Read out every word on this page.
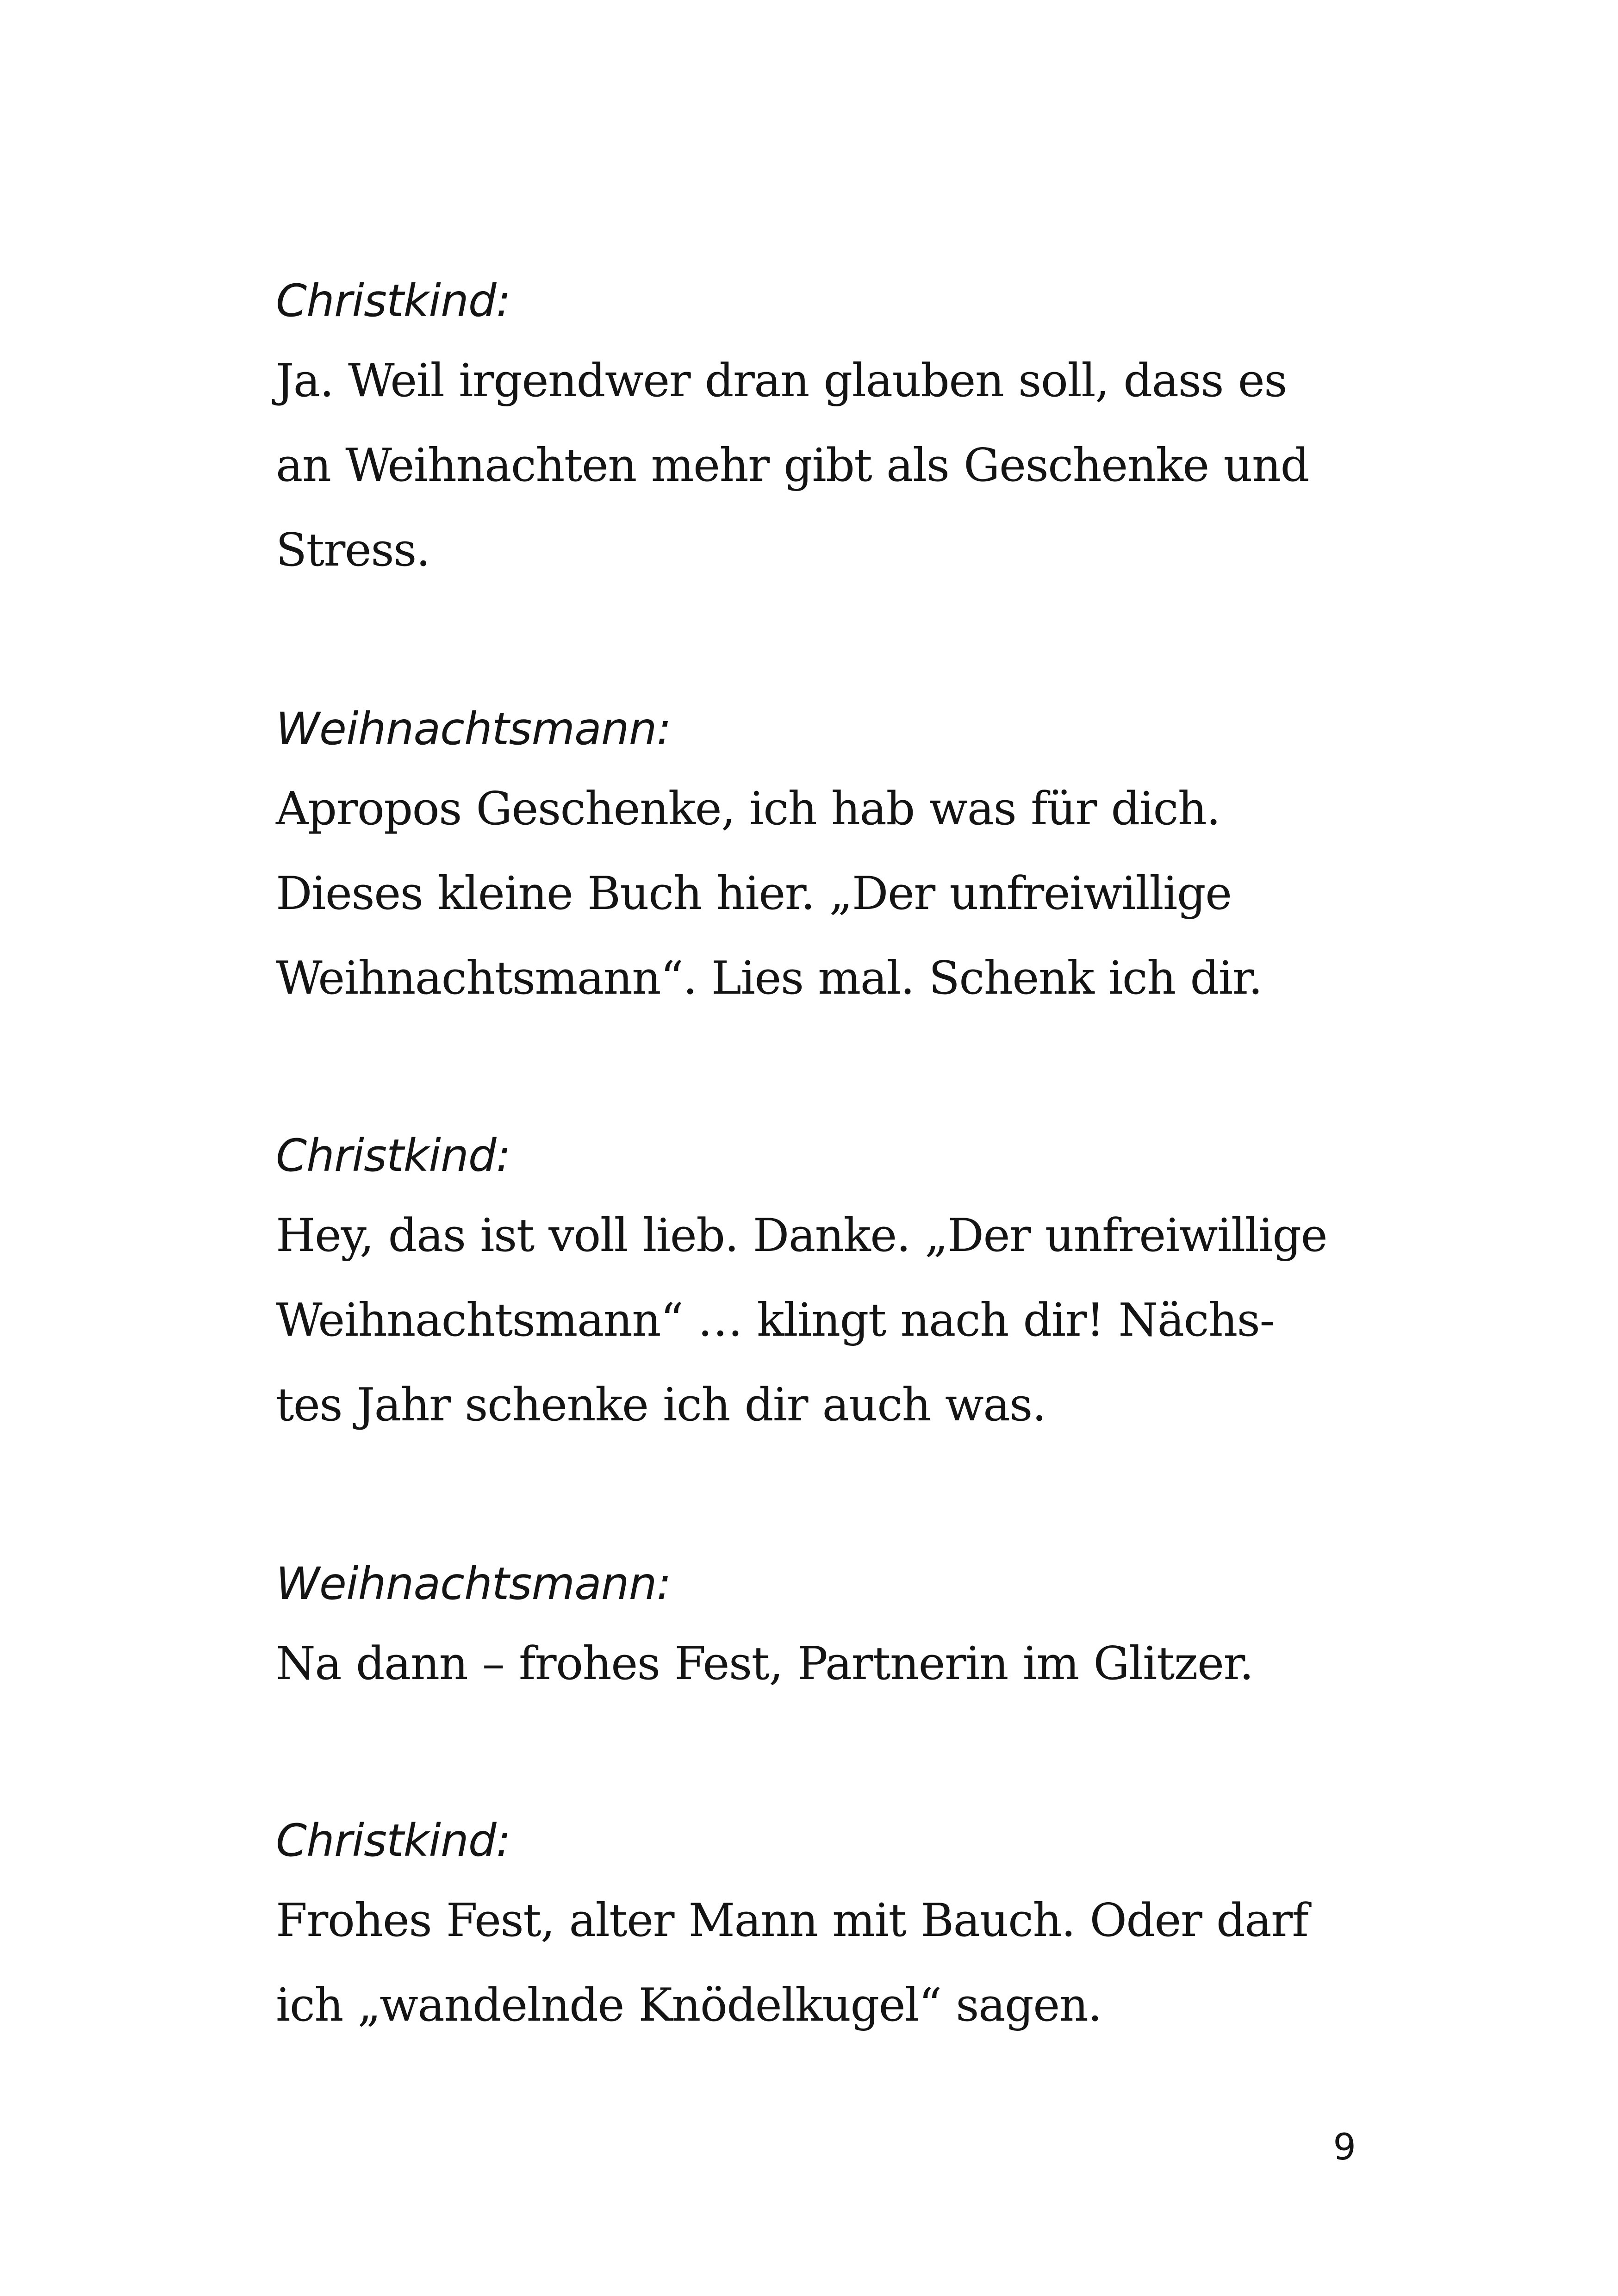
Christkind:

Ja. Weil irgendwer dran glauben soll, dass es

an Weihnachten mehr gibt als Geschenke und

Stress.

Weihnachtsmann:

Apropos Geschenke, ich hab was für dich.

Dieses kleine Buch hier. „Der unfreiwillige

Weihnachtsmann“. Lies mal. Schenk ich dir.

Christkind:

Hey, das ist voll lieb. Danke. „Der unfreiwillige

Weihnachtsmann“ … klingt nach dir! Nächs-

tes Jahr schenke ich dir auch was.

Weihnachtsmann:

Na dann – frohes Fest, Partnerin im Glitzer.

Christkind:

Frohes Fest, alter Mann mit Bauch. Oder darf

ich „wandelnde Knödelkugel“ sagen.

9
